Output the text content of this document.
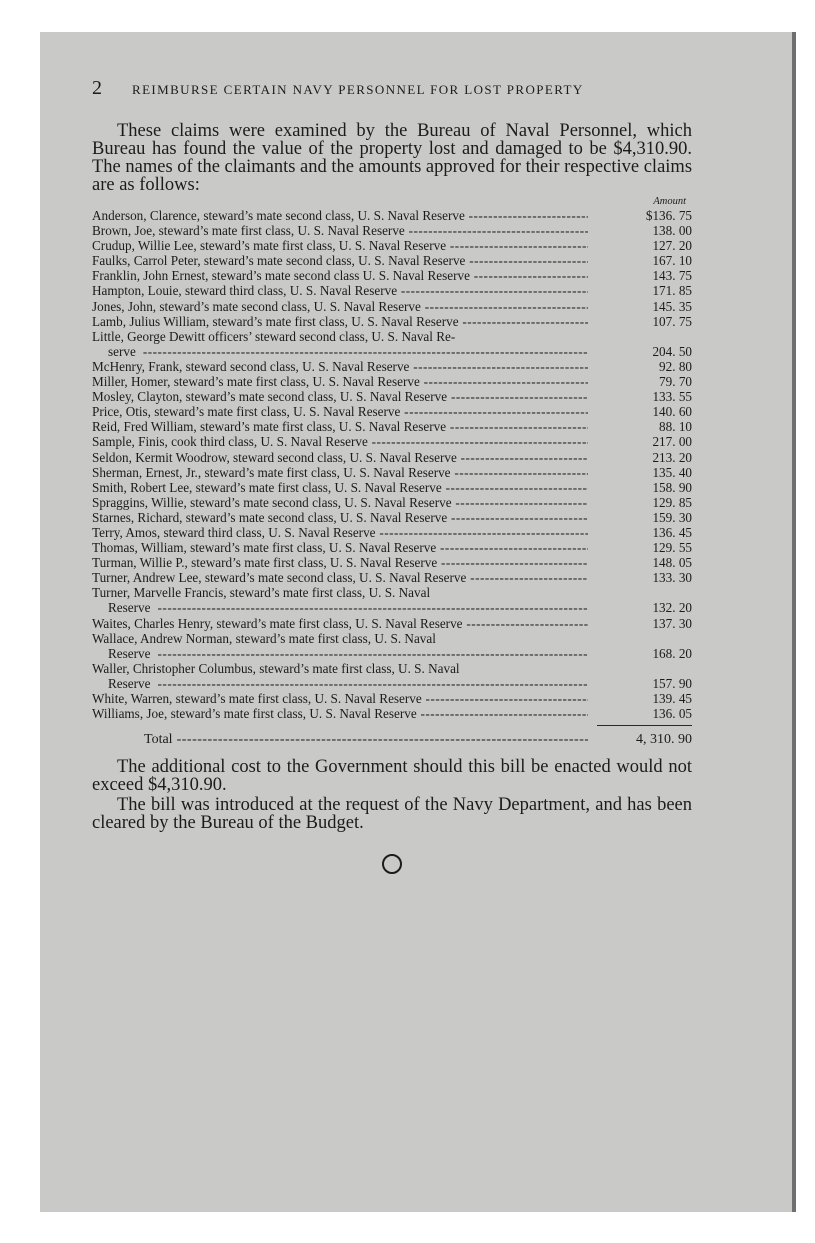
2 REIMBURSE CERTAIN NAVY PERSONNEL FOR LOST PROPERTY

These claims were examined by the Bureau of Naval Personnel, which Bureau has found the value of the property lost and damaged to be $4,310.90. The names of the claimants and the amounts approved for their respective claims are as follows:

Amount
Anderson, Clarence, steward’s mate second class, U. S. Naval Reserve -----	$136. 75
Brown, Joe, steward’s mate first class, U. S. Naval Reserve -----	138. 00
Crudup, Willie Lee, steward’s mate first class, U. S. Naval Reserve -----	127. 20
Faulks, Carrol Peter, steward’s mate second class, U. S. Naval Reserve -----	167. 10
Franklin, John Ernest, steward’s mate second class U. S. Naval Reserve -----	143. 75
Hampton, Louie, steward third class, U. S. Naval Reserve -----	171. 85
Jones, John, steward’s mate second class, U. S. Naval Reserve -----	145. 35
Lamb, Julius William, steward’s mate first class, U. S. Naval Reserve -----	107. 75
Little, George Dewitt officers’ steward second class, U. S. Naval Re-
serve -----	204. 50
McHenry, Frank, steward second class, U. S. Naval Reserve -----	92. 80
Miller, Homer, steward’s mate first class, U. S. Naval Reserve -----	79. 70
Mosley, Clayton, steward’s mate second class, U. S. Naval Reserve -----	133. 55
Price, Otis, steward’s mate first class, U. S. Naval Reserve -----	140. 60
Reid, Fred William, steward’s mate first class, U. S. Naval Reserve -----	88. 10
Sample, Finis, cook third class, U. S. Naval Reserve -----	217. 00
Seldon, Kermit Woodrow, steward second class, U. S. Naval Reserve -----	213. 20
Sherman, Ernest, Jr., steward’s mate first class, U. S. Naval Reserve -----	135. 40
Smith, Robert Lee, steward’s mate first class, U. S. Naval Reserve -----	158. 90
Spraggins, Willie, steward’s mate second class, U. S. Naval Reserve -----	129. 85
Starnes, Richard, steward’s mate second class, U. S. Naval Reserve -----	159. 30
Terry, Amos, steward third class, U. S. Naval Reserve -----	136. 45
Thomas, William, steward’s mate first class, U. S. Naval Reserve -----	129. 55
Turman, Willie P., steward’s mate first class, U. S. Naval Reserve -----	148. 05
Turner, Andrew Lee, steward’s mate second class, U. S. Naval Reserve -----	133. 30
Turner, Marvelle Francis, steward’s mate first class, U. S. Naval
Reserve -----	132. 20
Waites, Charles Henry, steward’s mate first class, U. S. Naval Reserve -----	137. 30
Wallace, Andrew Norman, steward’s mate first class, U. S. Naval
Reserve -----	168. 20
Waller, Christopher Columbus, steward’s mate first class, U. S. Naval
Reserve -----	157. 90
White, Warren, steward’s mate first class, U. S. Naval Reserve -----	139. 45
Williams, Joe, steward’s mate first class, U. S. Naval Reserve -----	136. 05
Total -----	4, 310. 90

The additional cost to the Government should this bill be enacted would not exceed $4,310.90.

The bill was introduced at the request of the Navy Department, and has been cleared by the Bureau of the Budget.
